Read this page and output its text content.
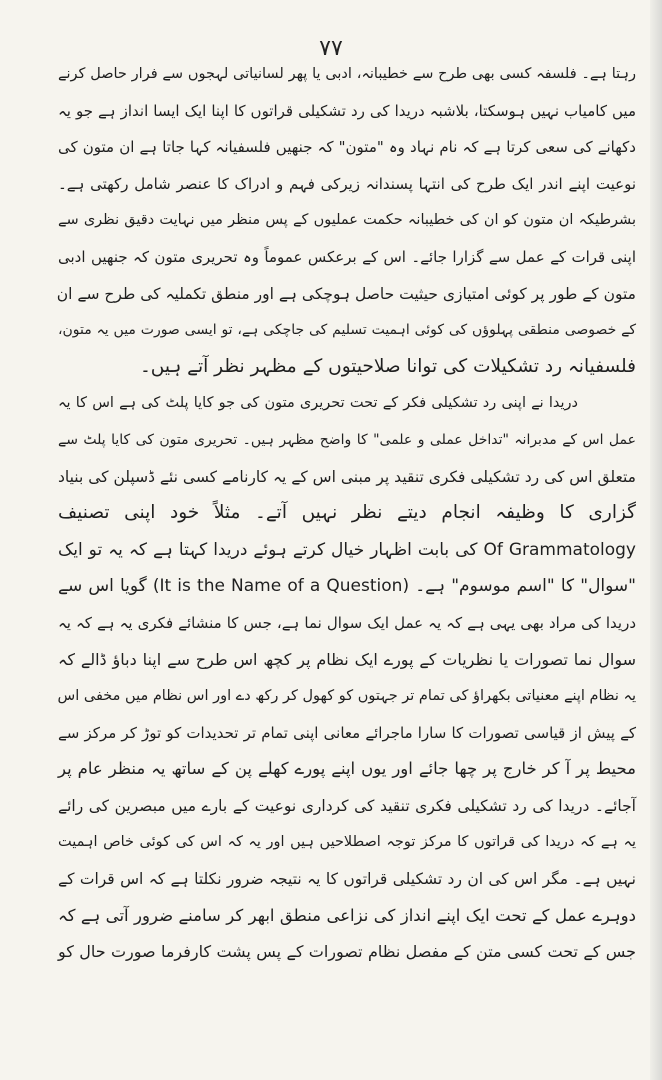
۷۷
رہتا ہے۔ فلسفہ کسی بھی طرح سے خطیبانہ، ادبی یا پھر لسانیاتی لہجوں سے فرار حاصل کرنے
میں کامیاب نہیں ہوسکتا، بلاشبہ دریدا کی رد تشکیلی قراتوں کا اپنا ایک ایسا انداز ہے جو یہ
دکھانے کی سعی کرتا ہے کہ نام نہاد وہ "متون" کہ جنھیں فلسفیانہ کہا جاتا ہے ان متون کی
نوعیت اپنے اندر ایک طرح کی انتہا پسندانہ زیرکی فہم و ادراک کا عنصر شامل رکھتی ہے۔
بشرطیکہ ان متون کو ان کی خطیبانہ حکمت عملیوں کے پس منظر میں نہایت دقیق نظری سے
اپنی قرات کے عمل سے گزارا جائے۔ اس کے برعکس عموماً وہ تحریری متون کہ جنھیں ادبی
متون کے طور پر کوئی امتیازی حیثیت حاصل ہوچکی ہے اور منطق تکملیہ کی طرح سے ان
کے خصوصی منطقی پہلوؤں کی کوئی اہمیت تسلیم کی جاچکی ہے، تو ایسی صورت میں یہ متون،
فلسفیانہ رد تشکیلات کی توانا صلاحیتوں کے مظہر نظر آتے ہیں۔
دریدا نے اپنی رد تشکیلی فکر کے تحت تحریری متون کی جو کایا پلٹ کی ہے اس کا یہ
عمل اس کے مدبرانہ "تداخل عملی و علمی" کا واضح مظہر ہیں۔ تحریری متون کی کایا پلٹ سے
متعلق اس کی رد تشکیلی فکری تنقید پر مبنی اس کے یہ کارنامے کسی نئے ڈسپلن کی بنیاد
گزاری کا وظیفہ انجام دیتے نظر نہیں آتے۔ مثلاً خود اپنی تصنیف
Of Grammatology کی بابت اظہار خیال کرتے ہوئے دریدا کہتا ہے کہ یہ تو ایک
"سوال" کا "اسم موسوم" ہے۔ (It is the Name of a Question) گویا اس سے
دریدا کی مراد بھی یہی ہے کہ یہ عمل ایک سوال نما ہے، جس کا منشائے فکری یہ ہے کہ یہ
سوال نما تصورات یا نظریات کے پورے ایک نظام پر کچھ اس طرح سے اپنا دباؤ ڈالے کہ
یہ نظام اپنے معنیاتی بکھراؤ کی تمام تر جہتوں کو کھول کر رکھ دے اور اس نظام میں مخفی اس
کے پیش از قیاسی تصورات کا سارا ماجرائے معانی اپنی تمام تر تحدیدات کو توڑ کر مرکز سے
محیط پر آ کر خارج پر چھا جائے اور یوں اپنے پورے کھلے پن کے ساتھ یہ منظر عام پر
آجائے۔ دریدا کی رد تشکیلی فکری تنقید کی کرداری نوعیت کے بارے میں مبصرین کی رائے
یہ ہے کہ دریدا کی قراتوں کا مرکز توجہ اصطلاحیں ہیں اور یہ کہ اس کی کوئی خاص اہمیت
نہیں ہے۔ مگر اس کی ان رد تشکیلی قراتوں کا یہ نتیجہ ضرور نکلتا ہے کہ اس قرات کے
دوہرے عمل کے تحت ایک اپنے انداز کی نزاعی منطق ابھر کر سامنے ضرور آتی ہے کہ
جس کے تحت کسی متن کے مفصل نظام تصورات کے پس پشت کارفرما صورت حال کو
